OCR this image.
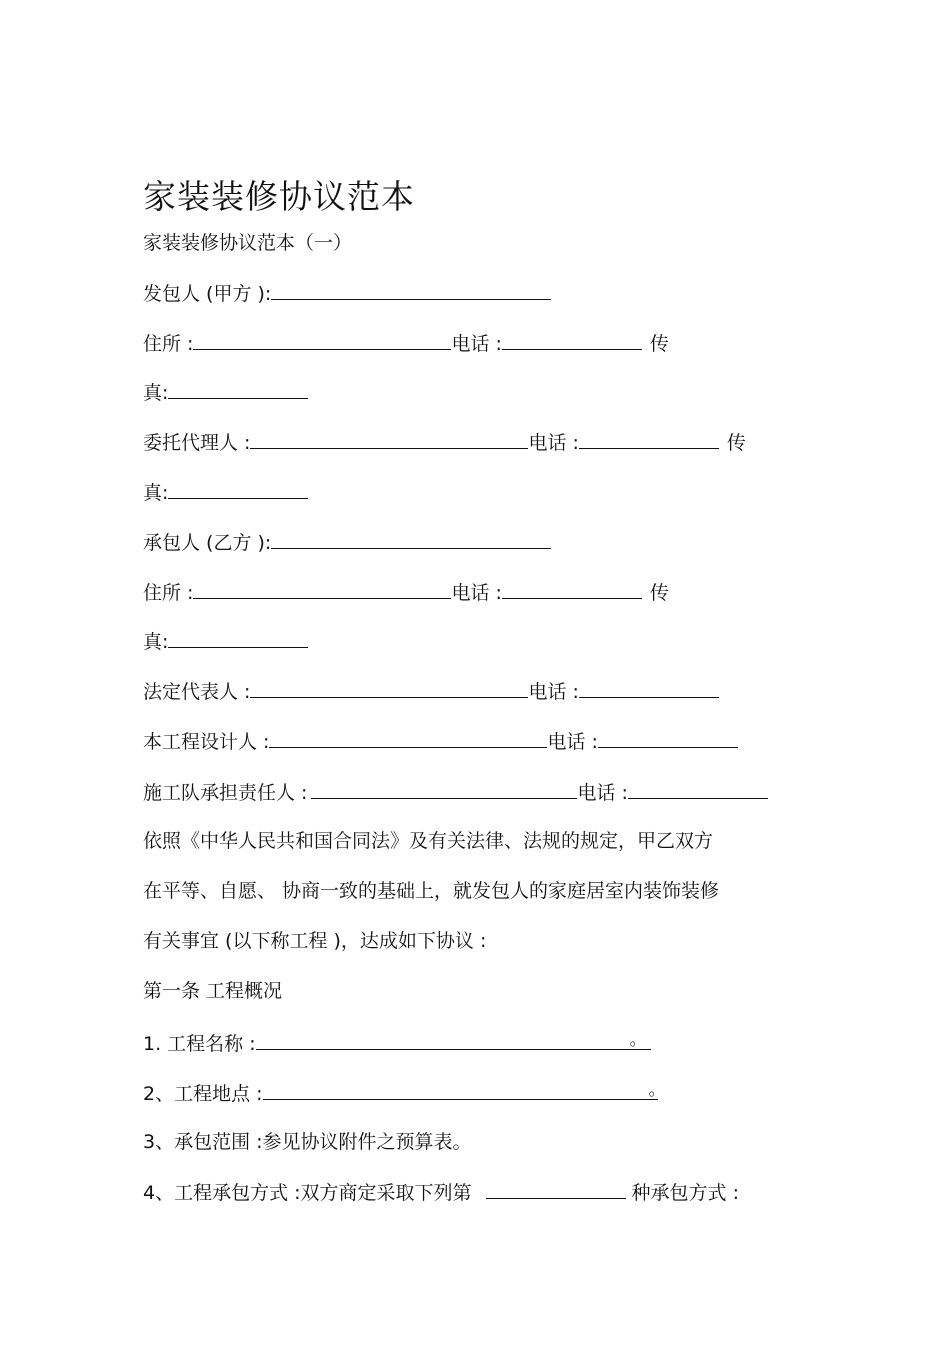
家装装修协议范本
家装装修协议范本（一）
发包人 (甲方 ):
住所 :	电话 :	传
真:
委托代理人 :	电话 :	传
真:
承包人 (乙方 ):
住所 :	电话 :	传
真:
法定代表人 :	电话 :
本工程设计人 :	电话 :
施工队承担责任人 :	电话 :
依照《中华人民共和国合同法》及有关法律、法规的规定，甲乙双方
在平等、自愿、 协商一致的基础上，就发包人的家庭居室内装饰装修
有关事宜 (以下称工程 )，达成如下协议 :
第一条 工程概况
1. 工程名称 :	。
2、工程地点 :	。
3、承包范围 :参见协议附件之预算表。
4、工程承包方式 :双方商定采取下列第	种承包方式 :
